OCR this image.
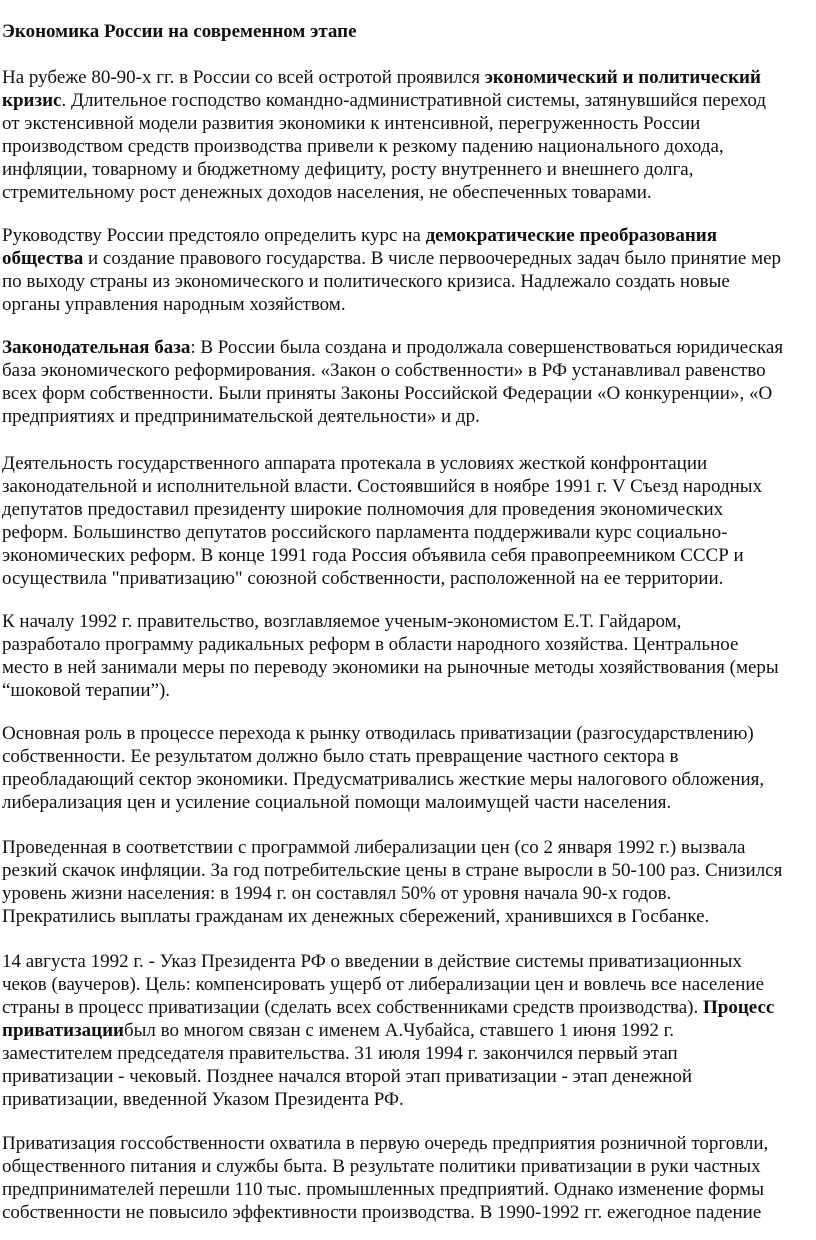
Экономика России на современном этапе
На рубеже 80-90-х гг. в России со всей остротой проявился экономический и политический
кризис. Длительное господство командно-административной системы, затянувшийся переход
от экстенсивной модели развития экономики к интенсивной, перегруженность России
производством средств производства привели к резкому падению национального дохода,
инфляции, товарному и бюджетному дефициту, росту внутреннего и внешнего долга,
стремительному рост денежных доходов населения, не обеспеченных товарами.
Руководству России предстояло определить курс на демократические преобразования
общества и создание правового государства. В числе первоочередных задач было принятие мер
по выходу страны из экономического и политического кризиса. Надлежало создать новые
органы управления народным хозяйством.
Законодательная база: В России была создана и продолжала совершенствоваться юридическая
база экономического реформирования. «Закон о собственности» в РФ устанавливал равенство
всех форм собственности. Были приняты Законы Российской Федерации «О конкуренции», «О
предприятиях и предпринимательской деятельности» и др.
Деятельность государственного аппарата протекала в условиях жесткой конфронтации
законодательной и исполнительной власти. Состоявшийся в ноябре 1991 г. V Съезд народных
депутатов предоставил президенту широкие полномочия для проведения экономических
реформ. Большинство депутатов российского парламента поддерживали курс социально-
экономических реформ. В конце 1991 года Россия объявила себя правопреемником СССР и
осуществила "приватизацию" союзной собственности, расположенной на ее территории.
К началу 1992 г. правительство, возглавляемое ученым-экономистом Е.Т. Гайдаром,
разработало программу радикальных реформ в области народного хозяйства. Центральное
место в ней занимали меры по переводу экономики на рыночные методы хозяйствования (меры
“шоковой терапии”).
Основная роль в процессе перехода к рынку отводилась приватизации (разгосударствлению)
собственности. Ее результатом должно было стать превращение частного сектора в
преобладающий сектор экономики. Предусматривались жесткие меры налогового обложения,
либерализация цен и усиление социальной помощи малоимущей части населения.
Проведенная в соответствии с программой либерализации цен (со 2 января 1992 г.) вызвала
резкий скачок инфляции. За год потребительские цены в стране выросли в 50-100 раз. Снизился
уровень жизни населения: в 1994 г. он составлял 50% от уровня начала 90-х годов.
Прекратились выплаты гражданам их денежных сбережений, хранившихся в Госбанке.
14 августа 1992 г. - Указ Президента РФ о введении в действие системы приватизационных
чеков (ваучеров). Цель: компенсировать ущерб от либерализации цен и вовлечь все население
страны в процесс приватизации (сделать всех собственниками средств производства). Процесс
приватизациибыл во многом связан с именем А.Чубайса, ставшего 1 июня 1992 г.
заместителем председателя правительства. 31 июля 1994 г. закончился первый этап
приватизации - чековый. Позднее начался второй этап приватизации - этап денежной
приватизации, введенной Указом Президента РФ.
Приватизация госсобственности охватила в первую очередь предприятия розничной торговли,
общественного питания и службы быта. В результате политики приватизации в руки частных
предпринимателей перешли 110 тыс. промышленных предприятий. Однако изменение формы
собственности не повысило эффективности производства. В 1990-1992 гг. ежегодное падение
